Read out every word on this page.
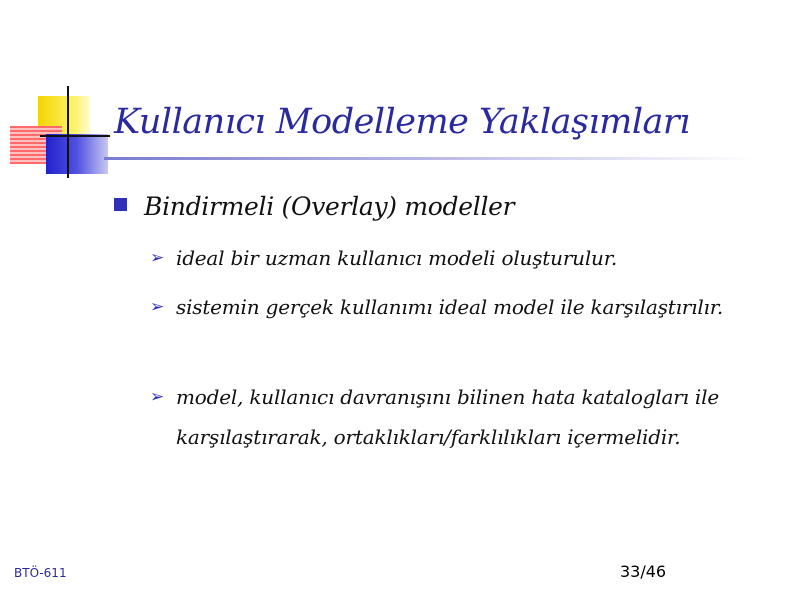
Kullanıcı Modelleme Yaklaşımları
Bindirmeli (Overlay) modeller
➢ ideal bir uzman kullanıcı modeli oluşturulur.
➢ sistemin gerçek kullanımı ideal model ile karşılaştırılır.
➢ model, kullanıcı davranışını bilinen hata katalogları ile karşılaştırarak, ortaklıkları/farklılıkları içermelidir.
BTÖ-611	33/46
